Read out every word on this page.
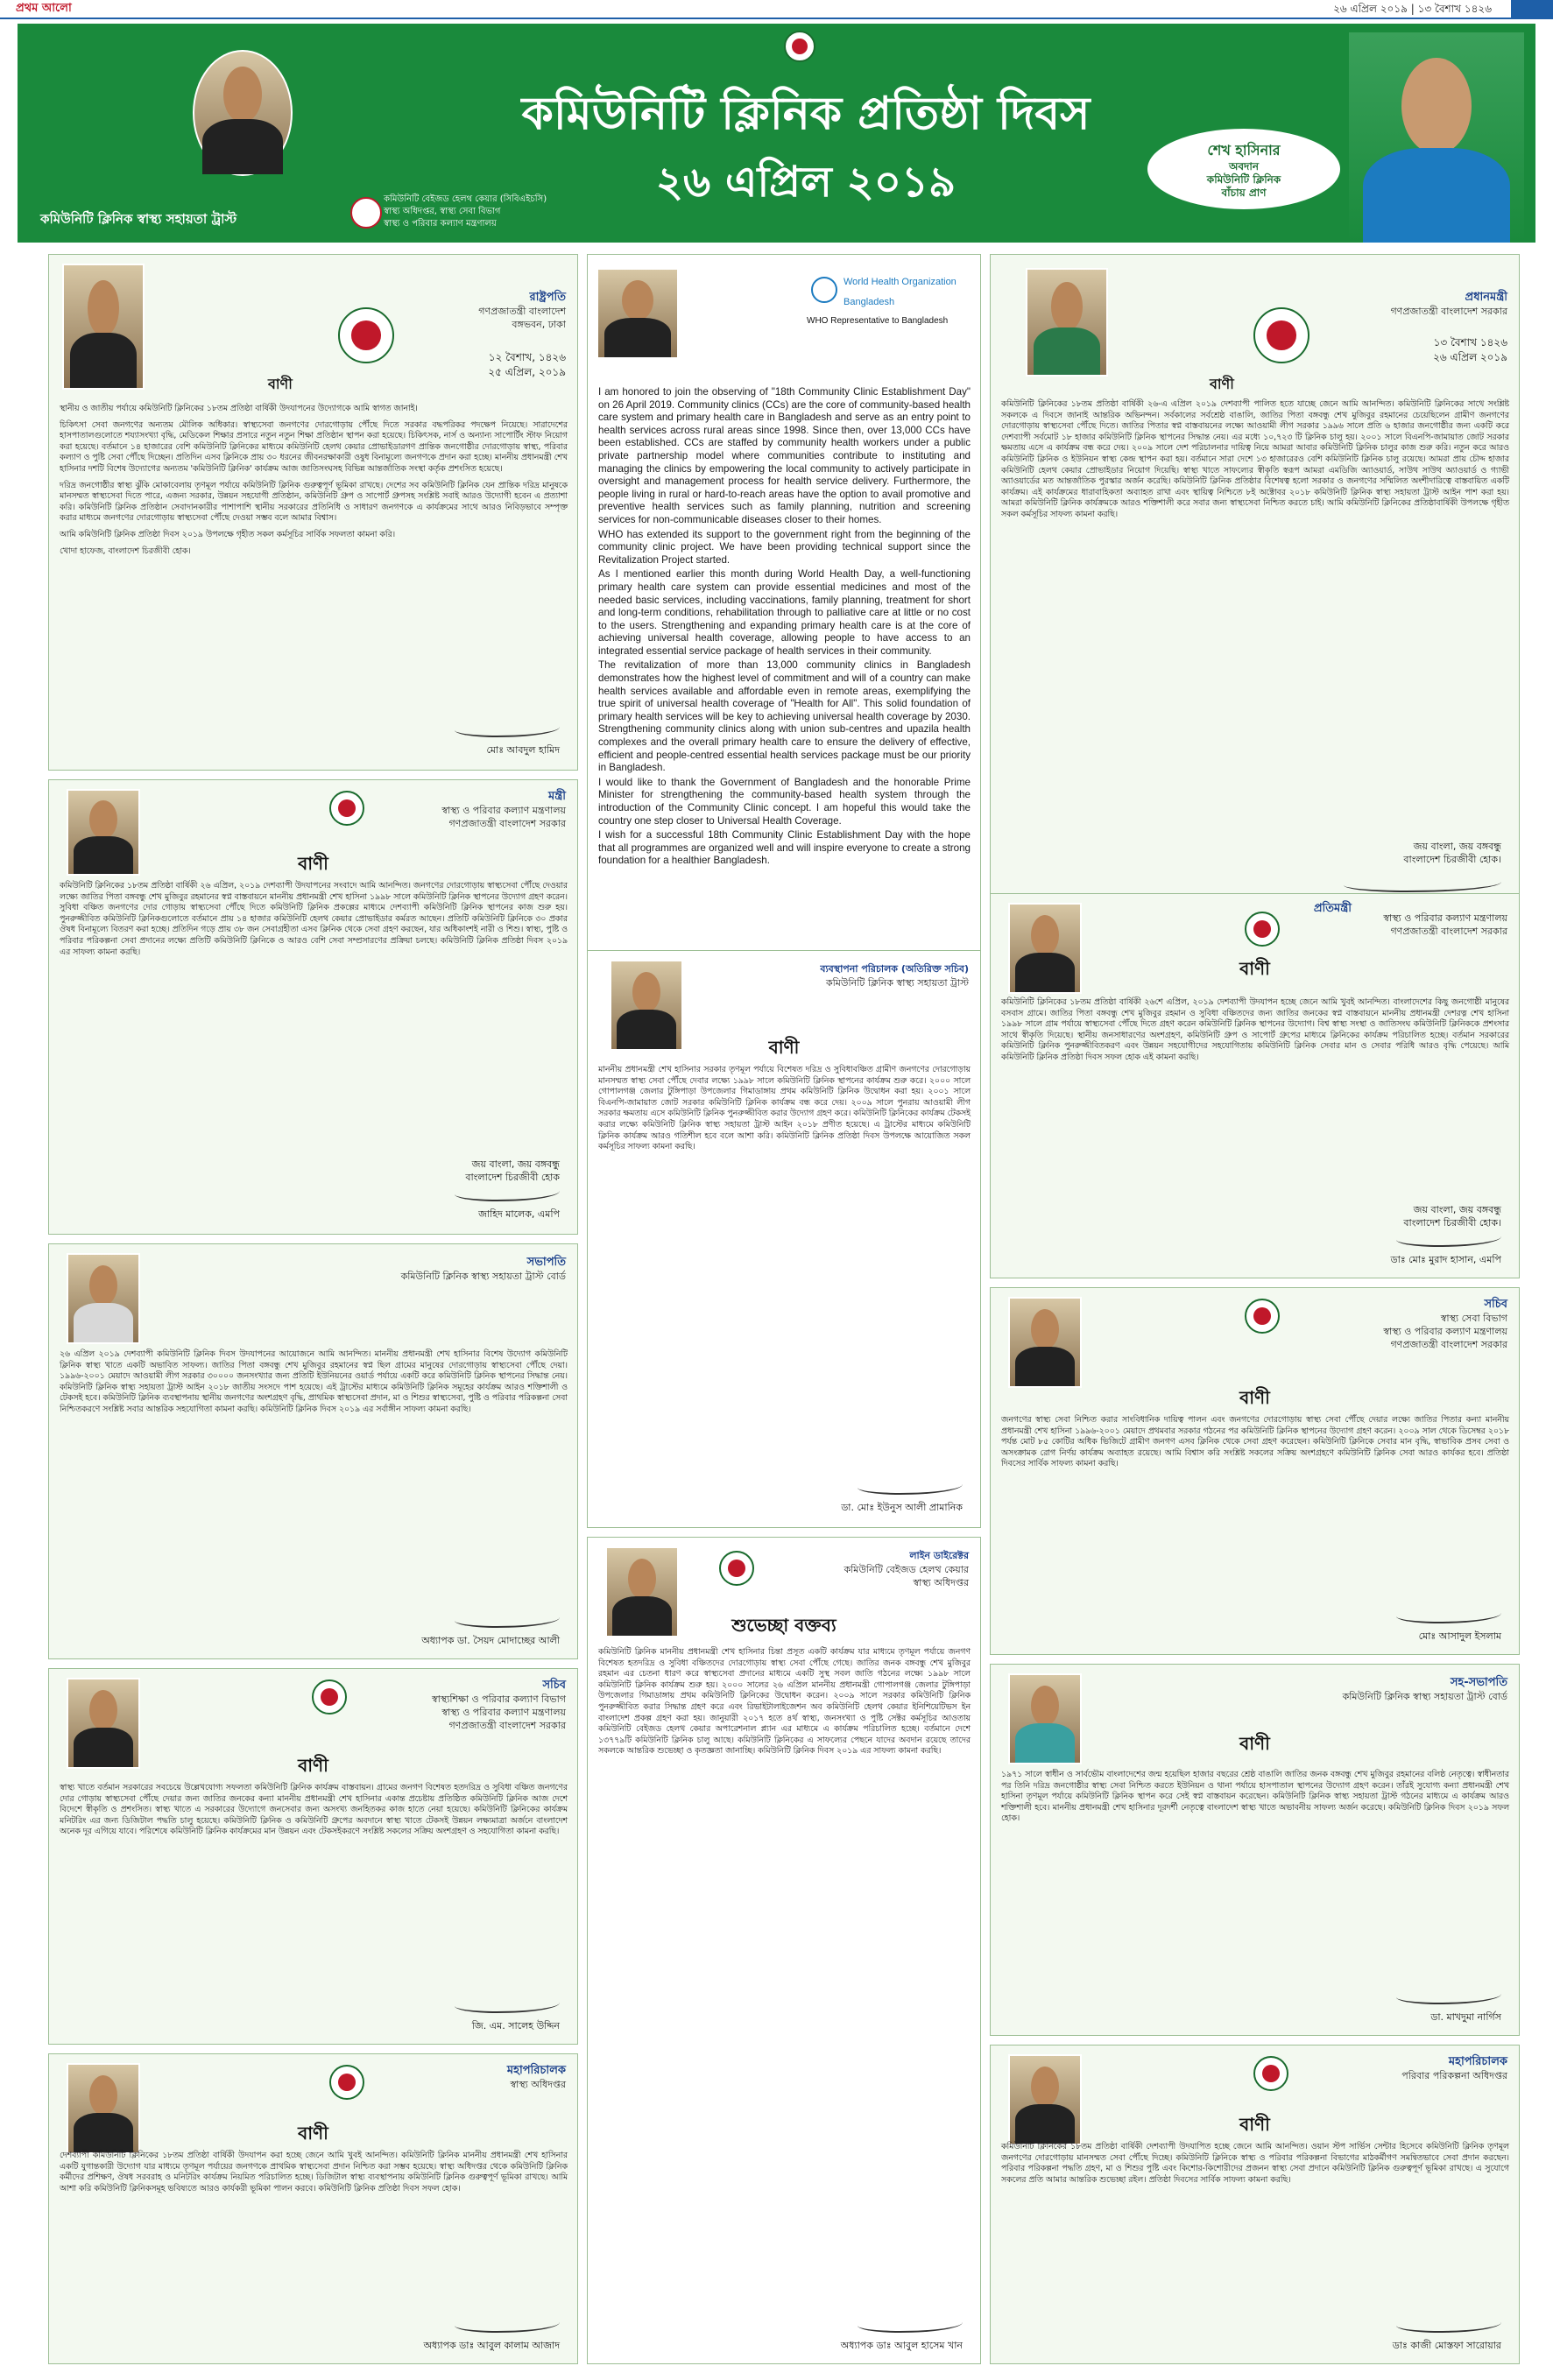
প্রথম আলো	২৬ এপ্রিল ২০১৯ | ১৩ বৈশাখ ১৪২৬
কমিউনিটি ক্লিনিক প্রতিষ্ঠা দিবস
২৬ এপ্রিল ২০১৯
কমিউনিটি ক্লিনিক স্বাস্থ্য সহায়তা ট্রাস্ট
কমিউনিটি বেইজড হেলথ কেয়ার (সিবিএইচসি)
স্বাস্থ্য অধিদপ্তর, স্বাস্থ্য সেবা বিভাগ
স্বাস্থ্য ও পরিবার কল্যাণ মন্ত্রণালয়
শেখ হাসিনার
অবদান
কমিউনিটি ক্লিনিক
বাঁচায় প্রাণ
রাষ্ট্রপতি
গণপ্রজাতন্ত্রী বাংলাদেশ
বঙ্গভবন, ঢাকা
১২ বৈশাখ, ১৪২৬
২৫ এপ্রিল, ২০১৯
বাণী

স্থানীয় ও জাতীয় পর্যায়ে কমিউনিটি ক্লিনিকের ১৮তম প্রতিষ্ঠা বার্ষিকী উদযাপনের উদ্যোগকে আমি স্বাগত জানাই।

চিকিৎসা সেবা জনগণের অন্যতম মৌলিক অধিকার। স্বাস্থ্যসেবা জনগণের দোরগোড়ায় পৌঁছে দিতে সরকার বদ্ধপরিকর পদক্ষেপ নিয়েছে। সারাদেশের হাসপাতালগুলোতে শয্যাসংখ্যা বৃদ্ধি, মেডিকেল শিক্ষার প্রসারে নতুন নতুন শিক্ষা প্রতিষ্ঠান স্থাপন করা হয়েছে। চিকিৎসক, নার্স ও অন্যান্য সাপোর্টিং স্টাফ নিয়োগ করা হয়েছে। বর্তমানে ১৪ হাজারের বেশি কমিউনিটি ক্লিনিকের মাধ্যমে কমিউনিটি হেলথ কেয়ার প্রোভাইডারগণ প্রান্তিক জনগোষ্ঠীর দোরগোড়ায় স্বাস্থ্য, পরিবার কল্যাণ ও পুষ্টি সেবা পৌঁছে দিচ্ছেন। প্রতিদিন এসব ক্লিনিকে প্রায় ৩০ ধরনের জীবনরক্ষাকারী ওষুধ বিনামূল্যে জনগণকে প্রদান করা হচ্ছে। মাননীয় প্রধানমন্ত্রী শেখ হাসিনার দশটি বিশেষ উদ্যোগের অন্যতম 'কমিউনিটি ক্লিনিক' কার্যক্রম আজ জাতিসংঘসহ বিভিন্ন আন্তর্জাতিক সংস্থা কর্তৃক প্রশংসিত হয়েছে।

দরিদ্র জনগোষ্ঠীর স্বাস্থ্য ঝুঁকি মোকাবেলায় তৃণমূল পর্যায়ে কমিউনিটি ক্লিনিক গুরুত্বপূর্ণ ভূমিকা রাখছে। দেশের সব কমিউনিটি ক্লিনিক যেন প্রান্তিক দরিদ্র মানুষকে মানসম্মত স্বাস্থ্যসেবা দিতে পারে, এজন্য সরকার, উন্নয়ন সহযোগী প্রতিষ্ঠান, কমিউনিটি গ্রুপ ও সাপোর্ট গ্রুপসহ সংশ্লিষ্ট সবাই আরও উদ্যোগী হবেন এ প্রত্যাশা করি। কমিউনিটি ক্লিনিক প্রতিষ্ঠান সেবাদানকারীর পাশাপাশি স্থানীয় সরকারের প্রতিনিধি ও সাধারণ জনগণকে এ কার্যক্রমের সাথে আরও নিবিড়ভাবে সম্পৃক্ত করার মাধ্যমে জনগণের দোরগোড়ায় স্বাস্থ্যসেবা পৌঁছে দেওয়া সম্ভব বলে আমার বিশ্বাস।

আমি কমিউনিটি ক্লিনিক প্রতিষ্ঠা দিবস ২০১৯ উপলক্ষে গৃহীত সকল কর্মসূচির সার্বিক সফলতা কামনা করি।

খোদা হাফেজ, বাংলাদেশ চিরজীবী হোক।

মোঃ আবদুল হামিদ
World Health Organization
Bangladesh
WHO Representative to Bangladesh

I am honored to join the observing of "18th Community Clinic Establishment Day" on 26 April 2019. Community clinics (CCs) are the core of community-based health care system and primary health care in Bangladesh and serve as an entry point to health services across rural areas since 1998. Since then, over 13,000 CCs have been established. CCs are staffed by community health workers under a public private partnership model where communities contribute to instituting and managing the clinics by empowering the local community to actively participate in oversight and management process for health service delivery. Furthermore, the people living in rural or hard-to-reach areas have the option to avail promotive and preventive health services such as family planning, nutrition and screening services for non-communicable diseases closer to their homes.

WHO has extended its support to the government right from the beginning of the community clinic project. We have been providing technical support since the Revitalization Project started.

As I mentioned earlier this month during World Health Day, a well-functioning primary health care system can provide essential medicines and most of the needed basic services, including vaccinations, family planning, treatment for short and long-term conditions, rehabilitation through to palliative care at little or no cost to the users. Strengthening and expanding primary health care is at the core of achieving universal health coverage, allowing people to have access to an integrated essential service package of health services in their community.

The revitalization of more than 13,000 community clinics in Bangladesh demonstrates how the highest level of commitment and will of a country can make health services available and affordable even in remote areas, exemplifying the true spirit of universal health coverage of "Health for All". This solid foundation of primary health services will be key to achieving universal health coverage by 2030. Strengthening community clinics along with union sub-centres and upazila health complexes and the overall primary health care to ensure the delivery of effective, efficient and people-centred essential health services package must be our priority in Bangladesh.

I would like to thank the Government of Bangladesh and the honorable Prime Minister for strengthening the community-based health system through the introduction of the Community Clinic concept. I am hopeful this would take the country one step closer to Universal Health Coverage.

I wish for a successful 18th Community Clinic Establishment Day with the hope that all programmes are organized well and will inspire everyone to create a strong foundation for a healthier Bangladesh.

প্রধানমন্ত্রী
গণপ্রজাতন্ত্রী বাংলাদেশ সরকার
১৩ বৈশাখ ১৪২৬
২৬ এপ্রিল ২০১৯
বাণী

কমিউনিটি ক্লিনিকের ১৮তম প্রতিষ্ঠা বার্ষিকী ২৬-এ এপ্রিল ২০১৯ দেশব্যাপী পালিত হতে যাচ্ছে জেনে আমি আনন্দিত। কমিউনিটি ক্লিনিকের সাথে সংশ্লিষ্ট সকলকে এ দিবসে জানাই আন্তরিক অভিনন্দন। সর্বকালের সর্বশ্রেষ্ঠ বাঙালি, জাতির পিতা বঙ্গবন্ধু শেখ মুজিবুর রহমানের চেয়েছিলেন গ্রামীণ জনগণের দোরগোড়ায় স্বাস্থ্যসেবা পৌঁছে দিতে। জাতির পিতার স্বপ্ন বাস্তবায়নের লক্ষ্যে আওয়ামী লীগ সরকার ১৯৯৬ সালে প্রতি ৬ হাজার জনগোষ্ঠীর জন্য একটি করে দেশব্যাপী সর্বমোট ১৮ হাজার কমিউনিটি ক্লিনিক স্থাপনের সিদ্ধান্ত নেয়। এর মধ্যে ১০,৭২৩ টি ক্লিনিক চালু হয়। ২০০১ সালে বিএনপি-জামায়াত জোট সরকার ক্ষমতায় এসে এ কার্যক্রম বন্ধ করে দেয়। ২০০৯ সালে দেশ পরিচালনার দায়িত্ব নিয়ে আমরা আবার কমিউনিটি ক্লিনিক চালুর কাজ শুরু করি। নতুন করে আরও কমিউনিটি ক্লিনিক ও ইউনিয়ন স্বাস্থ্য কেন্দ্র স্থাপন করা হয়। বর্তমানে সারা দেশে ১৩ হাজারেরও বেশি কমিউনিটি ক্লিনিক চালু রয়েছে। আমরা প্রায় চৌদ্দ হাজার কমিউনিটি হেলথ কেয়ার প্রোভাইডার নিয়োগ দিয়েছি। স্বাস্থ্য খাতে সাফল্যের স্বীকৃতি স্বরূপ আমরা এমডিজি অ্যাওয়ার্ড, সাউথ সাউথ অ্যাওয়ার্ড ও গ্যাভী অ্যাওয়ার্ডের মত আন্তর্জাতিক পুরস্কার অর্জন করেছি। কমিউনিটি ক্লিনিক প্রতিষ্ঠার বিশেষত্ব হলো সরকার ও জনগণের সম্মিলিত অংশীদারিত্বে বাস্তবায়িত একটি কার্যক্রম। এই কার্যক্রমের ধারাবাহিকতা অব্যাহত রাখা এবং স্থায়িত্ব নিশ্চিতে ৮ই অক্টোবর ২০১৮ কমিউনিটি ক্লিনিক স্বাস্থ্য সহায়তা ট্রাস্ট আইন পাশ করা হয়। আমরা কমিউনিটি ক্লিনিক কার্যক্রমকে আরও শক্তিশালী করে সবার জন্য স্বাস্থ্যসেবা নিশ্চিত করতে চাই। আমি কমিউনিটি ক্লিনিকের প্রতিষ্ঠাবার্ষিকী উপলক্ষে গৃহীত সকল কর্মসূচির সাফল্য কামনা করছি।

জয় বাংলা, জয় বঙ্গবন্ধু
বাংলাদেশ চিরজীবী হোক।
মন্ত্রী
স্বাস্থ্য ও পরিবার কল্যাণ মন্ত্রণালয়
গণপ্রজাতন্ত্রী বাংলাদেশ সরকার
বাণী

কমিউনিটি ক্লিনিকের ১৮তম প্রতিষ্ঠা বার্ষিকী ২৬ এপ্রিল, ২০১৯ দেশব্যাপী উদযাপনের সংবাদে আমি আনন্দিত। জনগণের দোরগোড়ায় স্বাস্থ্যসেবা পৌঁছে দেওয়ার লক্ষ্যে জাতির পিতা বঙ্গবন্ধু শেখ মুজিবুর রহমানের স্বপ্ন বাস্তবায়নে মাননীয় প্রধানমন্ত্রী শেখ হাসিনা ১৯৯৮ সালে কমিউনিটি ক্লিনিক স্থাপনের উদ্যোগ গ্রহণ করেন। সুবিধা বঞ্চিত জনগণের দোর গোড়ায় স্বাস্থ্যসেবা পৌঁছে দিতে কমিউনিটি ক্লিনিক প্রকল্পের মাধ্যমে দেশব্যাপী কমিউনিটি ক্লিনিক স্থাপনের কাজ শুরু হয়। পুনরুজ্জীবিত কমিউনিটি ক্লিনিকগুলোতে বর্তমানে প্রায় ১৪ হাজার কমিউনিটি হেলথ কেয়ার প্রোভাইডার কর্মরত আছেন। প্রতিটি কমিউনিটি ক্লিনিকে ৩০ প্রকার ঔষধ বিনামূল্যে বিতরণ করা হচ্ছে। প্রতিদিন গড়ে প্রায় ৩৮ জন সেবাগ্রহীতা এসব ক্লিনিক থেকে সেবা গ্রহণ করছেন, যার অধিকাংশই নারী ও শিশু। স্বাস্থ্য, পুষ্টি ও পরিবার পরিকল্পনা সেবা প্রদানের লক্ষ্যে প্রতিটি কমিউনিটি ক্লিনিকে ও আরও বেশি সেবা সম্প্রসারণের প্রক্রিয়া চলছে। কমিউনিটি ক্লিনিক প্রতিষ্ঠা দিবস ২০১৯ এর সাফল্য কামনা করছি।

জয় বাংলা, জয় বঙ্গবন্ধু
বাংলাদেশ চিরজীবী হোক
জাহিদ মালেক, এমপি
ব্যবস্থাপনা পরিচালক (অতিরিক্ত সচিব)
কমিউনিটি ক্লিনিক স্বাস্থ্য সহায়তা ট্রাস্ট
বাণী

মাননীয় প্রধানমন্ত্রী শেখ হাসিনার সরকার তৃণমূল পর্যায়ে বিশেষত দরিদ্র ও সুবিধাবঞ্চিত গ্রামীণ জনগণের দোরগোড়ায় মানসম্মত স্বাস্থ্য সেবা পৌঁছে দেবার লক্ষ্যে ১৯৯৮ সালে কমিউনিটি ক্লিনিক স্থাপনের কার্যক্রম শুরু করে। ২০০০ সালে গোপালগঞ্জ জেলার টুঙ্গিপাড়া উপজেলার গিমাডাঙ্গায় প্রথম কমিউনিটি ক্লিনিক উদ্বোধন করা হয়। ২০০১ সালে বিএনপি-জামায়াত জোট সরকার কমিউনিটি ক্লিনিক কার্যক্রম বন্ধ করে দেয়। ২০০৯ সালে পুনরায় আওয়ামী লীগ সরকার ক্ষমতায় এসে কমিউনিটি ক্লিনিক পুনরুজ্জীবিত করার উদ্যোগ গ্রহণ করে। কমিউনিটি ক্লিনিকের কার্যক্রম টেকসই করার লক্ষ্যে কমিউনিটি ক্লিনিক স্বাস্থ্য সহায়তা ট্রাস্ট আইন ২০১৮ প্রণীত হয়েছে। এ ট্রাস্টের মাধ্যমে কমিউনিটি ক্লিনিক কার্যক্রম আরও গতিশীল হবে বলে আশা করি। কমিউনিটি ক্লিনিক প্রতিষ্ঠা দিবস উপলক্ষে আয়োজিত সকল কর্মসূচির সাফল্য কামনা করছি।

ডা. মোঃ ইউনুস আলী প্রামানিক
প্রতিমন্ত্রী
স্বাস্থ্য ও পরিবার কল্যাণ মন্ত্রণালয়
গণপ্রজাতন্ত্রী বাংলাদেশ সরকার
বাণী

কমিউনিটি ক্লিনিকের ১৮তম প্রতিষ্ঠা বার্ষিকী ২৬শে এপ্রিল, ২০১৯ দেশব্যাপী উদযাপন হচ্ছে জেনে আমি খুবই আনন্দিত। বাংলাদেশের কিছু জনগোষ্ঠী মানুষের বসবাস গ্রামে। জাতির পিতা বঙ্গবন্ধু শেখ মুজিবুর রহমান ও সুবিধা বঞ্চিতদের জন্য জাতির জনকের স্বপ্ন বাস্তবায়নে মাননীয় প্রধানমন্ত্রী দেশরত্ন শেখ হাসিনা ১৯৯৮ সালে গ্রাম পর্যায়ে স্বাস্থ্যসেবা পৌঁছে দিতে গ্রহণ করেন কমিউনিটি ক্লিনিক স্থাপনের উদ্যোগ। বিশ্ব স্বাস্থ্য সংস্থা ও জাতিসংঘ কমিউনিটি ক্লিনিককে প্রশংসার সাথে স্বীকৃতি দিয়েছে। স্থানীয় জনসাধারণের অংশগ্রহণ, কমিউনিটি গ্রুপ ও সাপোর্ট গ্রুপের মাধ্যমে ক্লিনিকের কার্যক্রম পরিচালিত হচ্ছে। বর্তমান সরকারের কমিউনিটি ক্লিনিক পুনরুজ্জীবিতকরণ এবং উন্নয়ন সহযোগীদের সহযোগিতায় কমিউনিটি ক্লিনিক সেবার মান ও সেবার পরিধি আরও বৃদ্ধি পেয়েছে। আমি কমিউনিটি ক্লিনিক প্রতিষ্ঠা দিবস সফল হোক এই কামনা করছি।

জয় বাংলা, জয় বঙ্গবন্ধু
বাংলাদেশ চিরজীবী হোক।
ডাঃ মোঃ মুরাদ হাসান, এমপি
সভাপতি
কমিউনিটি ক্লিনিক স্বাস্থ্য সহায়তা ট্রাস্ট বোর্ড

২৬ এপ্রিল ২০১৯ দেশব্যাপী কমিউনিটি ক্লিনিক দিবস উদযাপনের আয়োজনে আমি আনন্দিত। মাননীয় প্রধানমন্ত্রী শেখ হাসিনার বিশেষ উদ্যোগ কমিউনিটি ক্লিনিক স্বাস্থ্য খাতে একটি অভাবিত সাফল্য। জাতির পিতা বঙ্গবন্ধু শেখ মুজিবুর রহমানের স্বপ্ন ছিল গ্রামের মানুষের দোরগোড়ায় স্বাস্থ্যসেবা পৌঁছে দেয়া। ১৯৯৬-২০০১ মেয়াদে আওয়ামী লীগ সরকার ৩০০০০ জনসংখ্যার জন্য প্রতিটি ইউনিয়নের ওয়ার্ড পর্যায়ে একটি করে কমিউনিটি ক্লিনিক স্থাপনের সিদ্ধান্ত নেয়। কমিউনিটি ক্লিনিক স্বাস্থ্য সহায়তা ট্রাস্ট আইন ২০১৮ জাতীয় সংসদে পাশ হয়েছে। এই ট্রাস্টের মাধ্যমে কমিউনিটি ক্লিনিক সমূহের কার্যক্রম আরও শক্তিশালী ও টেকসই হবে। কমিউনিটি ক্লিনিক ব্যবস্থাপনায় স্থানীয় জনগণের অংশগ্রহণ বৃদ্ধি, প্রাথমিক স্বাস্থ্যসেবা প্রদান, মা ও শিশুর স্বাস্থ্যসেবা, পুষ্টি ও পরিবার পরিকল্পনা সেবা নিশ্চিতকরণে সংশ্লিষ্ট সবার আন্তরিক সহযোগিতা কামনা করছি। কমিউনিটি ক্লিনিক দিবস ২০১৯ এর সর্বাঙ্গীন সাফল্য কামনা করছি।

অধ্যাপক ডা. সৈয়দ মোদাচ্ছের আলী
সচিব
স্বাস্থ্য সেবা বিভাগ
স্বাস্থ্য ও পরিবার কল্যাণ মন্ত্রণালয়
গণপ্রজাতন্ত্রী বাংলাদেশ সরকার
বাণী

জনগণের স্বাস্থ্য সেবা নিশ্চিত করার সাংবিধানিক দায়িত্ব পালন এবং জনগণের দোরগোড়ায় স্বাস্থ্য সেবা পৌঁছে দেয়ার লক্ষ্যে জাতির পিতার কন্যা মাননীয় প্রধানমন্ত্রী শেখ হাসিনা ১৯৯৬-২০০১ মেয়াদে প্রথমবার সরকার গঠনের পর কমিউনিটি ক্লিনিক স্থাপনের উদ্যোগ গ্রহণ করেন। ২০০৯ সাল থেকে ডিসেম্বর ২০১৮ পর্যন্ত মোট ৮৫ কোটির অধিক ভিজিটে গ্রামীণ জনগণ এসব ক্লিনিক থেকে সেবা গ্রহণ করেছেন। কমিউনিটি ক্লিনিকে সেবার মান বৃদ্ধি, স্বাভাবিক প্রসব সেবা ও অসংক্রামক রোগ নির্ণয় কার্যক্রম অব্যাহত রয়েছে। আমি বিশ্বাস করি সংশ্লিষ্ট সকলের সক্রিয় অংশগ্রহণে কমিউনিটি ক্লিনিক সেবা আরও কার্যকর হবে। প্রতিষ্ঠা দিবসের সার্বিক সাফল্য কামনা করছি।

মোঃ আসাদুল ইসলাম
লাইন ডাইরেক্টর
কমিউনিটি বেইজড হেলথ কেয়ার
স্বাস্থ্য অধিদপ্তর
শুভেচ্ছা বক্তব্য

কমিউনিটি ক্লিনিক মাননীয় প্রধানমন্ত্রী শেখ হাসিনার চিন্তা প্রসূত একটি কার্যক্রম যার মাধ্যমে তৃণমূল পর্যায়ে জনগণ বিশেষত হতদরিদ্র ও সুবিধা বঞ্চিতদের দোরগোড়ায় স্বাস্থ্য সেবা পৌঁছে গেছে। জাতির জনক বঙ্গবন্ধু শেখ মুজিবুর রহমান এর চেতনা ধারণ করে স্বাস্থ্যসেবা প্রদানের মাধ্যমে একটি সুস্থ সবল জাতি গঠনের লক্ষ্যে ১৯৯৮ সালে কমিউনিটি ক্লিনিক কার্যক্রম শুরু হয়। ২০০০ সালের ২৬ এপ্রিল মাননীয় প্রধানমন্ত্রী গোপালগঞ্জ জেলার টুঙ্গিপাড়া উপজেলার গিমাডাঙ্গায় প্রথম কমিউনিটি ক্লিনিকের উদ্বোধন করেন। ২০০৯ সালে সরকার কমিউনিটি ক্লিনিক পুনরুজ্জীবিত করার সিদ্ধান্ত গ্রহণ করে এবং রিভাইটালাইজেশন অব কমিউনিটি হেলথ কেয়ার ইনিশিয়েটিভস ইন বাংলাদেশ প্রকল্প গ্রহণ করা হয়। জানুয়ারী ২০১৭ হতে ৪র্থ স্বাস্থ্য, জনসংখ্যা ও পুষ্টি সেক্টর কর্মসূচির আওতায় কমিউনিটি বেইজড হেলথ কেয়ার অপারেশনাল প্ল্যান এর মাধ্যমে এ কার্যক্রম পরিচালিত হচ্ছে। বর্তমানে দেশে ১৩৭৭৯টি কমিউনিটি ক্লিনিক চালু আছে। কমিউনিটি ক্লিনিকের এ সাফল্যের পেছনে যাদের অবদান রয়েছে তাদের সকলকে আন্তরিক শুভেচ্ছা ও কৃতজ্ঞতা জানাচ্ছি। কমিউনিটি ক্লিনিক দিবস ২০১৯ এর সাফল্য কামনা করছি।

অধ্যাপক ডাঃ আবুল হাসেম খান
সচিব
স্বাস্থ্যশিক্ষা ও পরিবার কল্যাণ বিভাগ
স্বাস্থ্য ও পরিবার কল্যাণ মন্ত্রণালয়
গণপ্রজাতন্ত্রী বাংলাদেশ সরকার
বাণী

স্বাস্থ্য খাতে বর্তমান সরকারের সবচেয়ে উল্লেখযোগ্য সফলতা কমিউনিটি ক্লিনিক কার্যক্রম বাস্তবায়ন। গ্রামের জনগণ বিশেষত হতদরিদ্র ও সুবিধা বঞ্চিত জনগণের দোর গোড়ায় স্বাস্থ্যসেবা পৌঁছে দেয়ার জন্য জাতির জনকের কন্যা মাননীয় প্রধানমন্ত্রী শেখ হাসিনার একান্ত প্রচেষ্টায় প্রতিষ্ঠিত কমিউনিটি ক্লিনিক আজ দেশে বিদেশে স্বীকৃতি ও প্রশংসিত। স্বাস্থ্য খাতে এ সরকারের উদ্যোগে জনসেবার জন্য অসংখ্য জনহিতকর কাজ হাতে নেয়া হয়েছে। কমিউনিটি ক্লিনিকের কার্যক্রম মনিটরিং এর জন্য ডিজিটাল পদ্ধতি চালু হয়েছে। কমিউনিটি ক্লিনিক ও কমিউনিটি গ্রুপের অবদানে স্বাস্থ্য খাতে টেকসই উন্নয়ন লক্ষ্যমাত্রা অর্জনে বাংলাদেশ অনেক দূর এগিয়ে যাবে। পরিশেষে কমিউনিটি ক্লিনিক কার্যক্রমের মান উন্নয়ন এবং টেকসইকরণে সংশ্লিষ্ট সকলের সক্রিয় অংশগ্রহণ ও সহযোগিতা কামনা করছি।

জি. এম. সালেহ উদ্দিন
সহ-সভাপতি
কমিউনিটি ক্লিনিক স্বাস্থ্য সহায়তা ট্রাস্ট বোর্ড
বাণী

১৯৭১ সালে স্বাধীন ও সার্বভৌম বাংলাদেশের জন্ম হয়েছিল হাজার বছরের শ্রেষ্ঠ বাঙালি জাতির জনক বঙ্গবন্ধু শেখ মুজিবুর রহমানের বলিষ্ঠ নেতৃত্বে। স্বাধীনতার পর তিনি দরিদ্র জনগোষ্ঠীর স্বাস্থ্য সেবা নিশ্চিত করতে ইউনিয়ন ও থানা পর্যায়ে হাসপাতাল স্থাপনের উদ্যোগ গ্রহণ করেন। তাঁরই সুযোগ্য কন্যা প্রধানমন্ত্রী শেখ হাসিনা তৃণমূল পর্যায়ে কমিউনিটি ক্লিনিক স্থাপন করে সেই স্বপ্ন বাস্তবায়ন করেছেন। কমিউনিটি ক্লিনিক স্বাস্থ্য সহায়তা ট্রাস্ট গঠনের মাধ্যমে এ কার্যক্রম আরও শক্তিশালী হবে। মাননীয় প্রধানমন্ত্রী শেখ হাসিনার দূরদর্শী নেতৃত্বে বাংলাদেশ স্বাস্থ্য খাতে অভাবনীয় সাফল্য অর্জন করেছে। কমিউনিটি ক্লিনিক দিবস ২০১৯ সফল হোক।

ডা. মাখদুমা নার্গিস
মহাপরিচালক
স্বাস্থ্য অধিদপ্তর
বাণী

দেশব্যাপী কমিউনিটি ক্লিনিকের ১৮তম প্রতিষ্ঠা বার্ষিকী উদযাপন করা হচ্ছে জেনে আমি খুবই আনন্দিত। কমিউনিটি ক্লিনিক মাননীয় প্রধানমন্ত্রী শেখ হাসিনার একটি যুগান্তকারী উদ্যোগ যার মাধ্যমে তৃণমূল পর্যায়ের জনগণকে প্রাথমিক স্বাস্থ্যসেবা প্রদান নিশ্চিত করা সম্ভব হয়েছে। স্বাস্থ্য অধিদপ্তর থেকে কমিউনিটি ক্লিনিক কর্মীদের প্রশিক্ষণ, ঔষধ সরবরাহ ও মনিটরিং কার্যক্রম নিয়মিত পরিচালিত হচ্ছে। ডিজিটাল স্বাস্থ্য ব্যবস্থাপনায় কমিউনিটি ক্লিনিক গুরুত্বপূর্ণ ভূমিকা রাখছে। আমি আশা করি কমিউনিটি ক্লিনিকসমূহ ভবিষ্যতে আরও কার্যকরী ভূমিকা পালন করবে। কমিউনিটি ক্লিনিক প্রতিষ্ঠা দিবস সফল হোক।

অধ্যাপক ডাঃ আবুল কালাম আজাদ
মহাপরিচালক
পরিবার পরিকল্পনা অধিদপ্তর
বাণী

কমিউনিটি ক্লিনিকের ১৮তম প্রতিষ্ঠা বার্ষিকী দেশব্যাপী উদযাপিত হচ্ছে জেনে আমি আনন্দিত। ওয়ান স্টপ সার্ভিস সেন্টার হিসেবে কমিউনিটি ক্লিনিক তৃণমূল জনগণের দোরগোড়ায় মানসম্মত সেবা পৌঁছে দিচ্ছে। কমিউনিটি ক্লিনিকে স্বাস্থ্য ও পরিবার পরিকল্পনা বিভাগের মাঠকর্মীগণ সমন্বিতভাবে সেবা প্রদান করছেন। পরিবার পরিকল্পনা পদ্ধতি গ্রহণ, মা ও শিশুর পুষ্টি এবং কিশোর-কিশোরীদের প্রজনন স্বাস্থ্য সেবা প্রদানে কমিউনিটি ক্লিনিক গুরুত্বপূর্ণ ভূমিকা রাখছে। এ সুযোগে সকলের প্রতি আমার আন্তরিক শুভেচ্ছা রইল। প্রতিষ্ঠা দিবসের সার্বিক সাফল্য কামনা করছি।

ডাঃ কাজী মোস্তফা সারোয়ার
